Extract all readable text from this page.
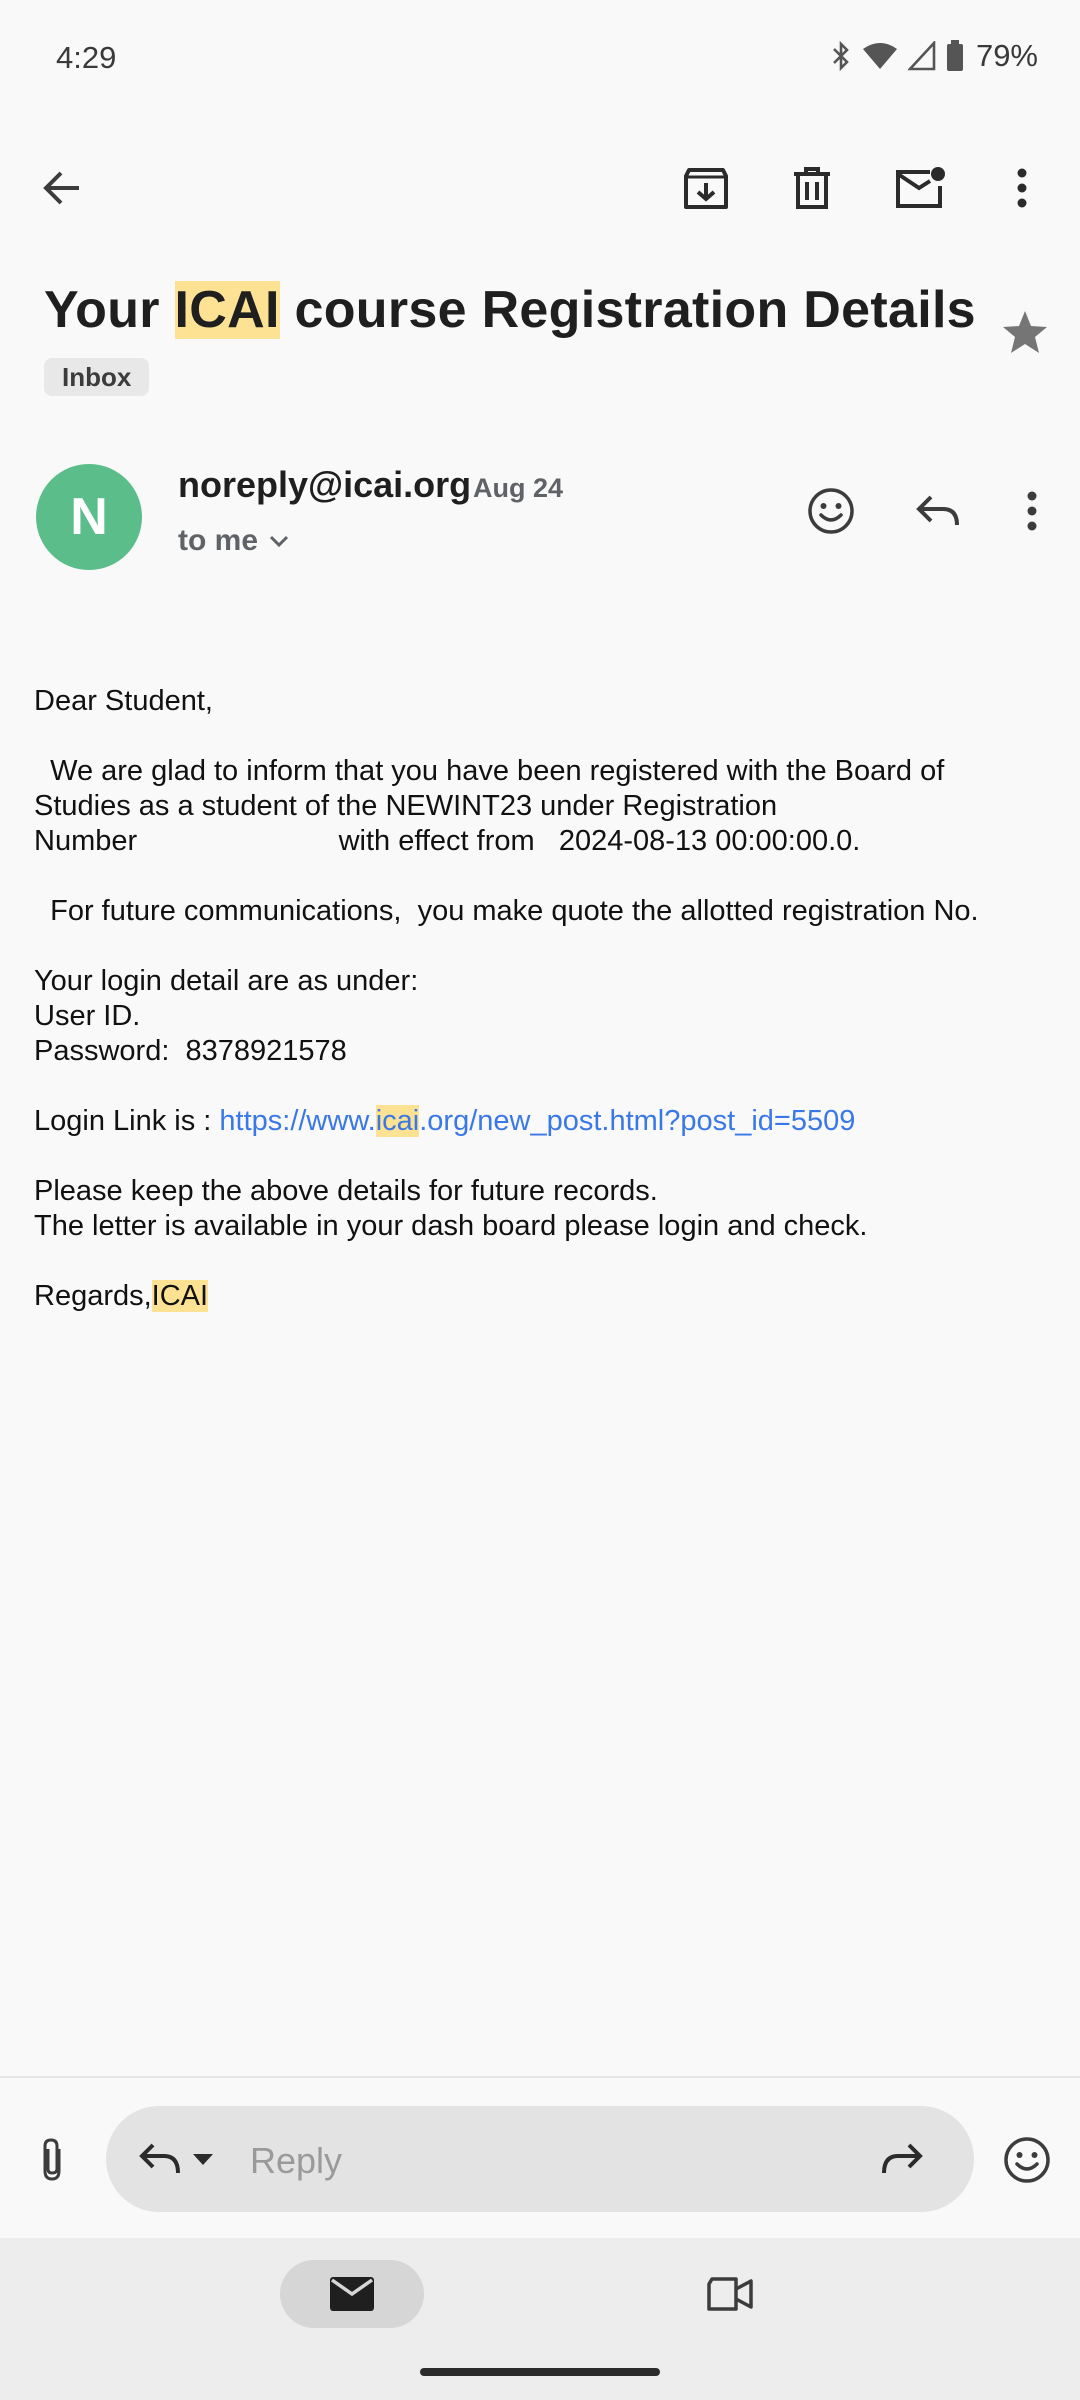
4:29	79%
Your ICAI course Registration Details
Inbox
N
noreply@icai.org Aug 24
to me

Dear Student,

We are glad to inform that you have been registered with the Board of

Studies as a student of the NEWINT23 under Registration

Number                         with effect from   2024-08-13 00:00:00.0.

For future communications,  you make quote the allotted registration No.

Your login detail are as under:

User ID.

Password:  8378921578

Login Link is : https://www.icai.org/new_post.html?post_id=5509

Please keep the above details for future records.

The letter is available in your dash board please login and check.

Regards,ICAI

Reply
